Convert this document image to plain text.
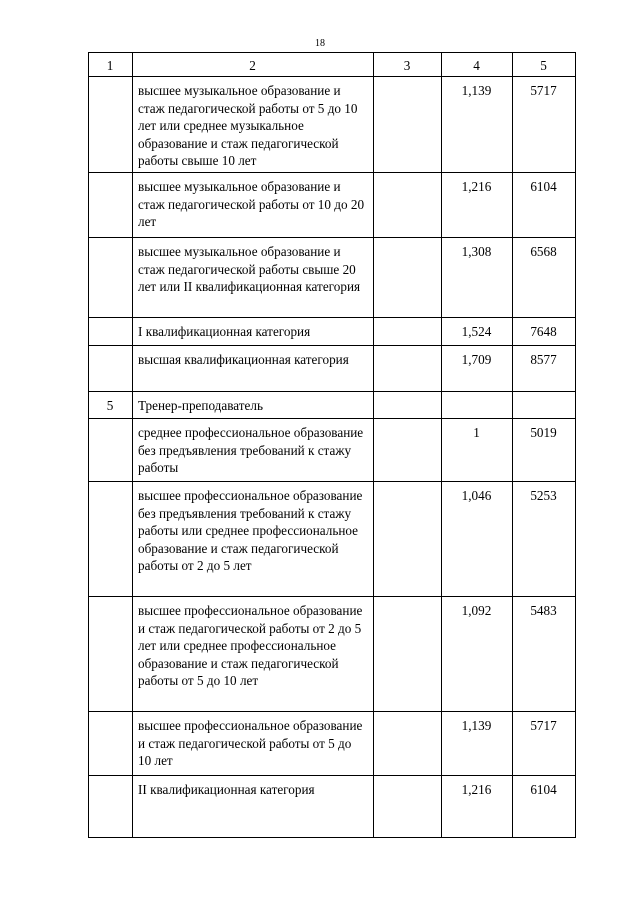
18
1	2	3	4	5
	высшее музыкальное образование и стаж педагогической работы от 5 до 10 лет или среднее музыкальное образование и стаж педагогической работы свыше 10 лет		1,139	5717
	высшее музыкальное образование и стаж педагогической работы от 10 до 20 лет		1,216	6104
	высшее музыкальное образование и стаж педагогической работы свыше 20 лет или II квалификационная категория		1,308	6568
	I квалификационная категория		1,524	7648
	высшая квалификационная категория		1,709	8577
5	Тренер-преподаватель			
	среднее профессиональное образование без предъявления требований к стажу работы		1	5019
	высшее профессиональное образование без предъявления требований к стажу работы или среднее профессиональное образование и стаж педагогической работы от 2 до 5 лет		1,046	5253
	высшее профессиональное образование и стаж педагогической работы от 2 до 5 лет или среднее профессиональное образование и стаж педагогической работы от 5 до 10 лет		1,092	5483
	высшее профессиональное образование и стаж педагогической работы от 5 до 10 лет		1,139	5717
	II квалификационная категория		1,216	6104
